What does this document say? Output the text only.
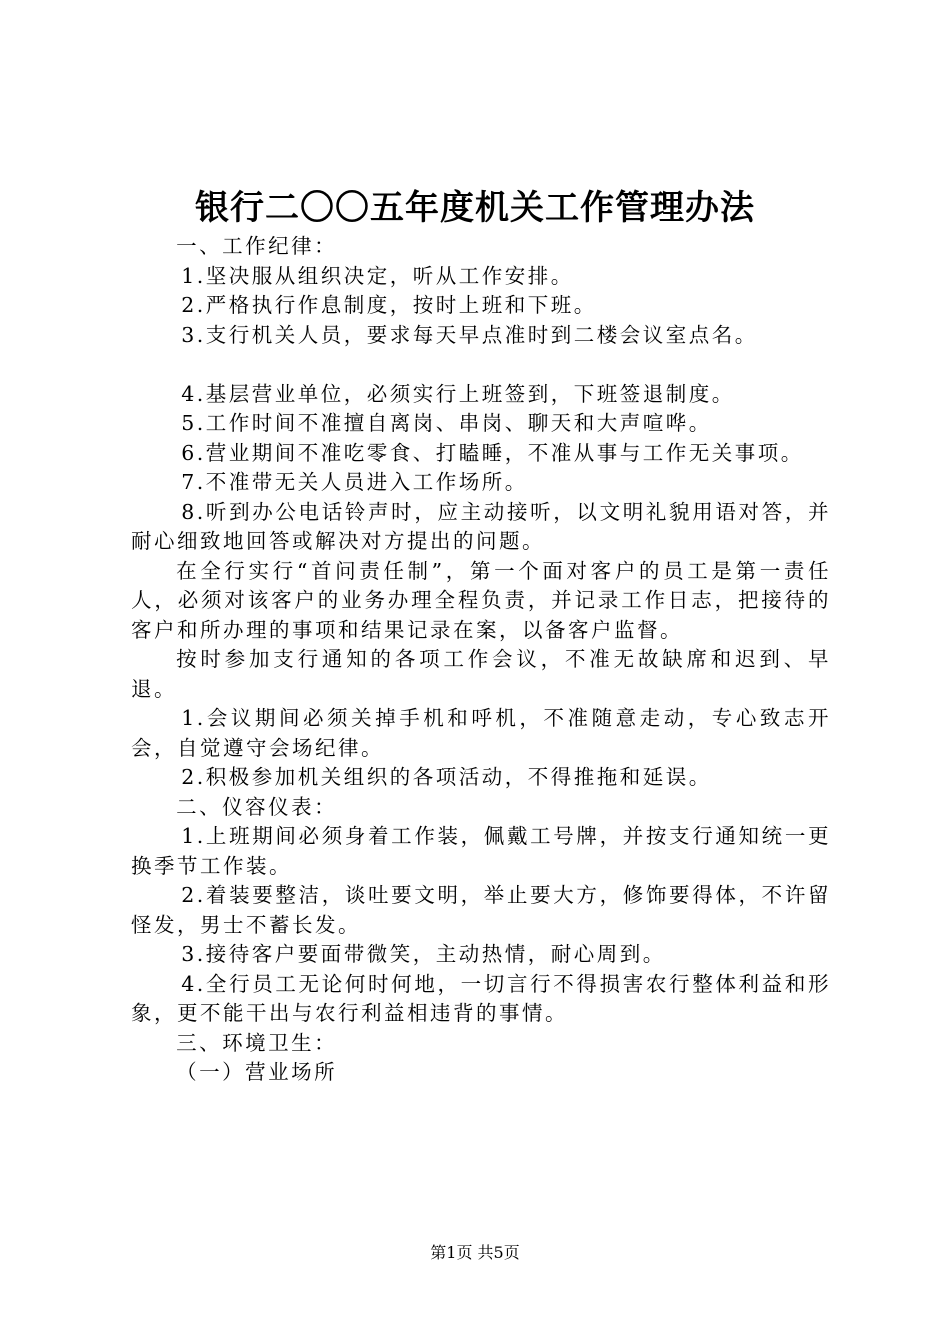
银行二〇〇五年度机关工作管理办法

一、工作纪律：

1.坚决服从组织决定，听从工作安排。

2.严格执行作息制度，按时上班和下班。

3.支行机关人员，要求每天早点准时到二楼会议室点名。

4.基层营业单位，必须实行上班签到，下班签退制度。

5.工作时间不准擅自离岗、串岗、聊天和大声喧哗。

6.营业期间不准吃零食、打瞌睡，不准从事与工作无关事项。

7.不准带无关人员进入工作场所。

8.听到办公电话铃声时，应主动接听，以文明礼貌用语对答，并耐心细致地回答或解决对方提出的问题。

在全行实行“首问责任制”，第一个面对客户的员工是第一责任人，必须对该客户的业务办理全程负责，并记录工作日志，把接待的客户和所办理的事项和结果记录在案，以备客户监督。

按时参加支行通知的各项工作会议，不准无故缺席和迟到、早退。

1.会议期间必须关掉手机和呼机，不准随意走动，专心致志开会，自觉遵守会场纪律。

2.积极参加机关组织的各项活动，不得推拖和延误。

二、仪容仪表：

1.上班期间必须身着工作装，佩戴工号牌，并按支行通知统一更换季节工作装。

2.着装要整洁，谈吐要文明，举止要大方，修饰要得体，不许留怪发，男士不蓄长发。

3.接待客户要面带微笑，主动热情，耐心周到。

4.全行员工无论何时何地，一切言行不得损害农行整体利益和形象，更不能干出与农行利益相违背的事情。

三、环境卫生：

（一）营业场所

第1页 共5页
